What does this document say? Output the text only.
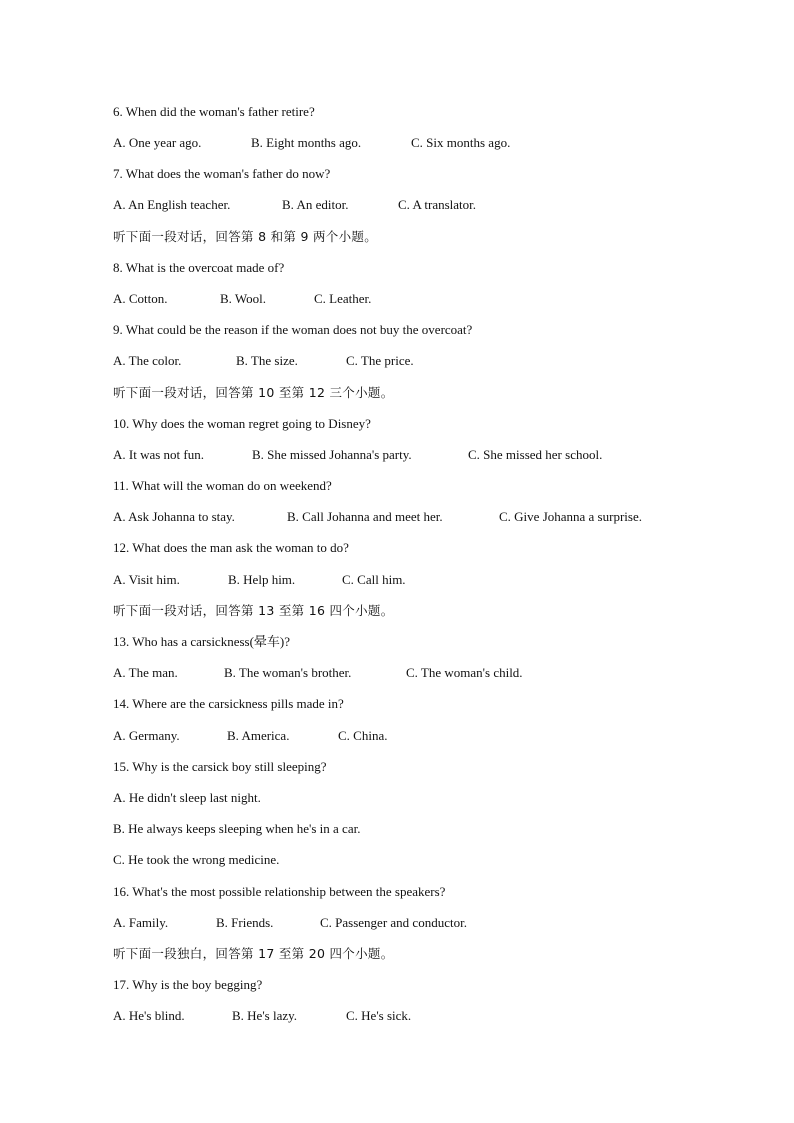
6. When did the woman's father retire?
A. One year ago.	B. Eight months ago.	C. Six months ago.
7. What does the woman's father do now?
A. An English teacher.	B. An editor.	C. A translator.
听下面一段对话，回答第 8 和第 9 两个小题。
8. What is the overcoat made of?
A. Cotton.	B. Wool.	C. Leather.
9. What could be the reason if the woman does not buy the overcoat?
A. The color.	B. The size.	C. The price.
听下面一段对话，回答第 10 至第 12 三个小题。
10. Why does the woman regret going to Disney?
A. It was not fun.	B. She missed Johanna's party.	C. She missed her school.
11. What will the woman do on weekend?
A. Ask Johanna to stay.	B. Call Johanna and meet her.	C. Give Johanna a surprise.
12. What does the man ask the woman to do?
A. Visit him.	B. Help him.	C. Call him.
听下面一段对话，回答第 13 至第 16 四个小题。
13. Who has a carsickness(晕车)?
A. The man.	B. The woman's brother.	C. The woman's child.
14. Where are the carsickness pills made in?
A. Germany.	B. America.	C. China.
15. Why is the carsick boy still sleeping?
A. He didn't sleep last night.
B. He always keeps sleeping when he's in a car.
C. He took the wrong medicine.
16. What's the most possible relationship between the speakers?
A. Family.	B. Friends.	C. Passenger and conductor.
听下面一段独白，回答第 17 至第 20 四个小题。
17. Why is the boy begging?
A. He's blind.	B. He's lazy.	C. He's sick.
